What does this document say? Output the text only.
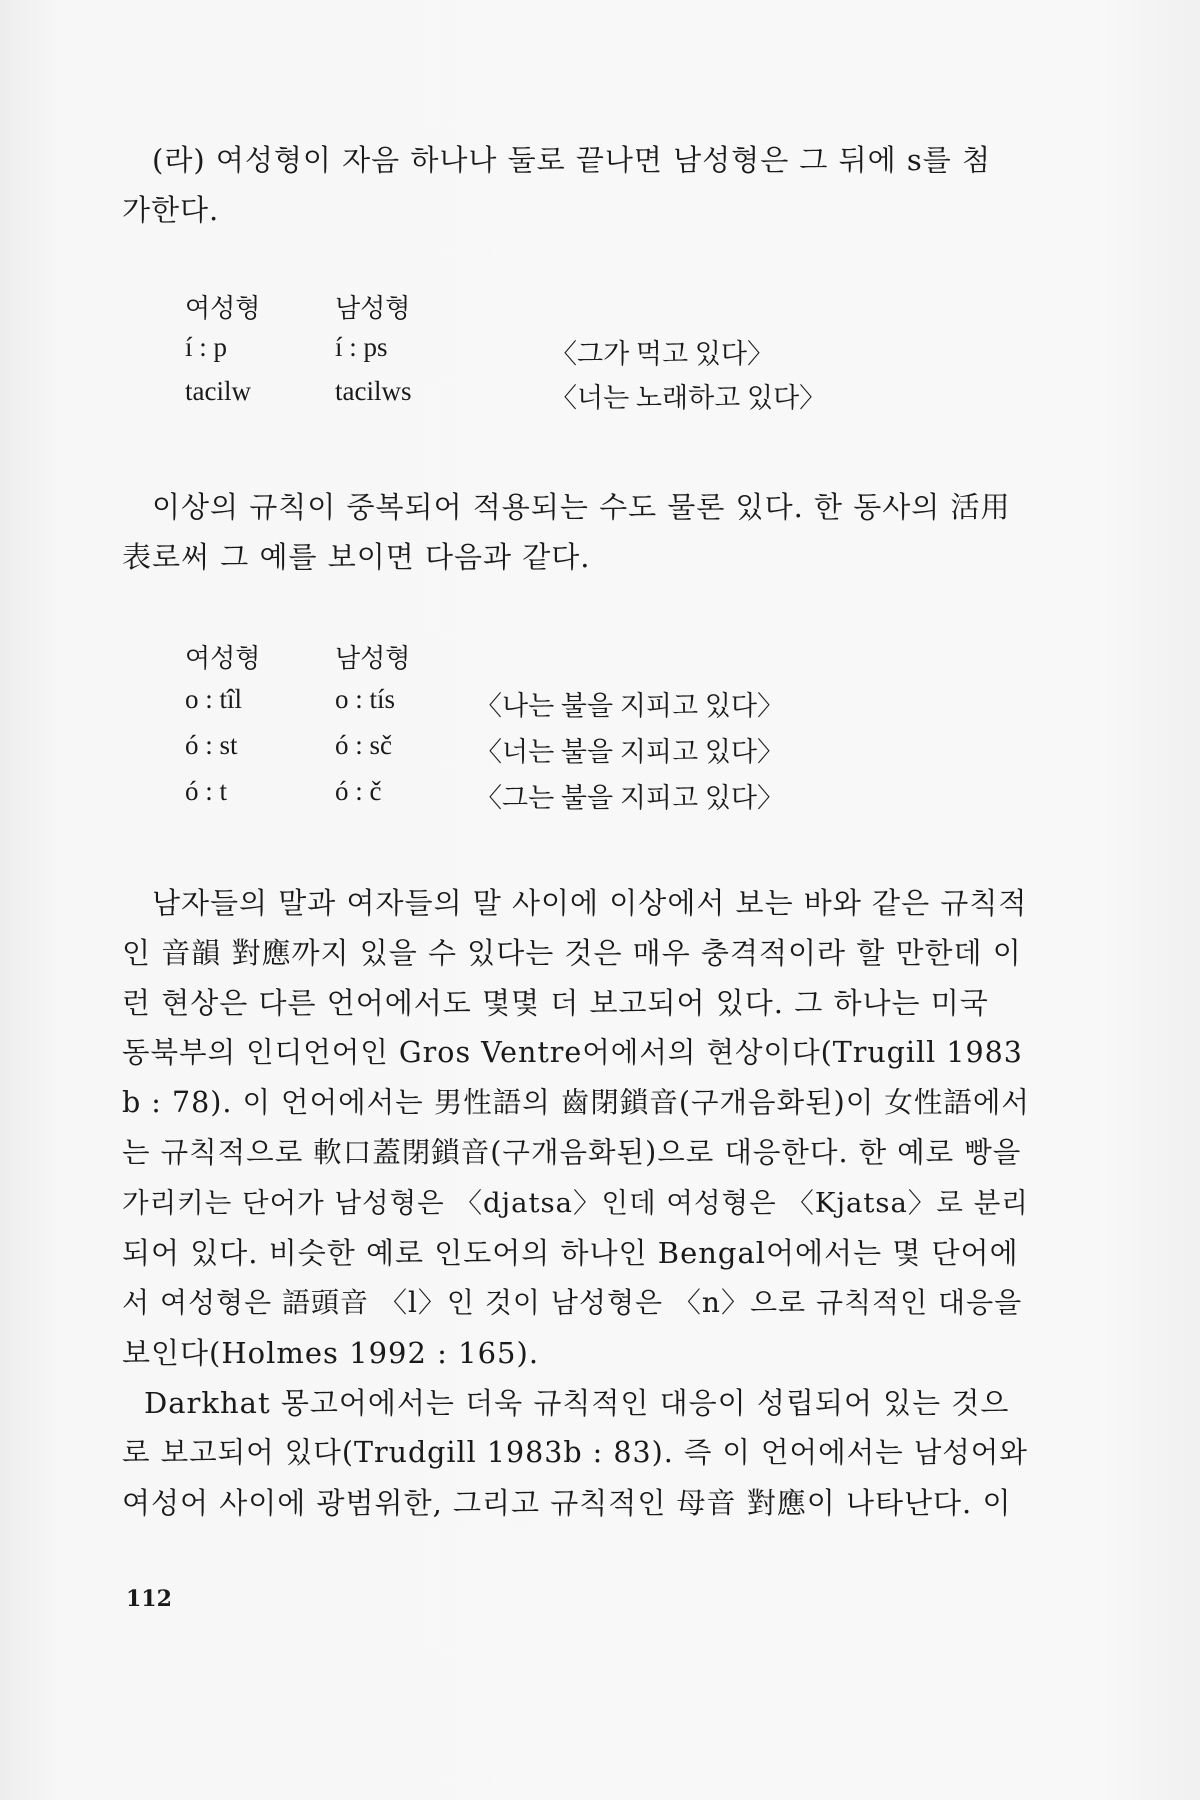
(라) 여성형이 자음 하나나 둘로 끝나면 남성형은 그 뒤에 s를 첨
가한다.

여성형	남성형
í : p	í : ps	〈그가 먹고 있다〉
tacilw	tacilws	〈너는 노래하고 있다〉

이상의 규칙이 중복되어 적용되는 수도 물론 있다. 한 동사의 活用
表로써 그 예를 보이면 다음과 같다.

여성형	남성형
o : tîl	o : tís	〈나는 불을 지피고 있다〉
ó : st	ó : sč	〈너는 불을 지피고 있다〉
ó : t	ó : č	〈그는 불을 지피고 있다〉

남자들의 말과 여자들의 말 사이에 이상에서 보는 바와 같은 규칙적
인 音韻 對應까지 있을 수 있다는 것은 매우 충격적이라 할 만한데 이
런 현상은 다른 언어에서도 몇몇 더 보고되어 있다. 그 하나는 미국
동북부의 인디언어인 Gros Ventre어에서의 현상이다(Trugill 1983
b : 78). 이 언어에서는 男性語의 齒閉鎖音(구개음화된)이 女性語에서
는 규칙적으로 軟口蓋閉鎖音(구개음화된)으로 대응한다. 한 예로 빵을
가리키는 단어가 남성형은 〈djatsa〉인데 여성형은 〈Kjatsa〉로 분리
되어 있다. 비슷한 예로 인도어의 하나인 Bengal어에서는 몇 단어에
서 여성형은 語頭音 〈l〉인 것이 남성형은 〈n〉으로 규칙적인 대응을
보인다(Holmes 1992 : 165).

Darkhat 몽고어에서는 더욱 규칙적인 대응이 성립되어 있는 것으
로 보고되어 있다(Trudgill 1983b : 83). 즉 이 언어에서는 남성어와
여성어 사이에 광범위한, 그리고 규칙적인 母音 對應이 나타난다. 이

112
